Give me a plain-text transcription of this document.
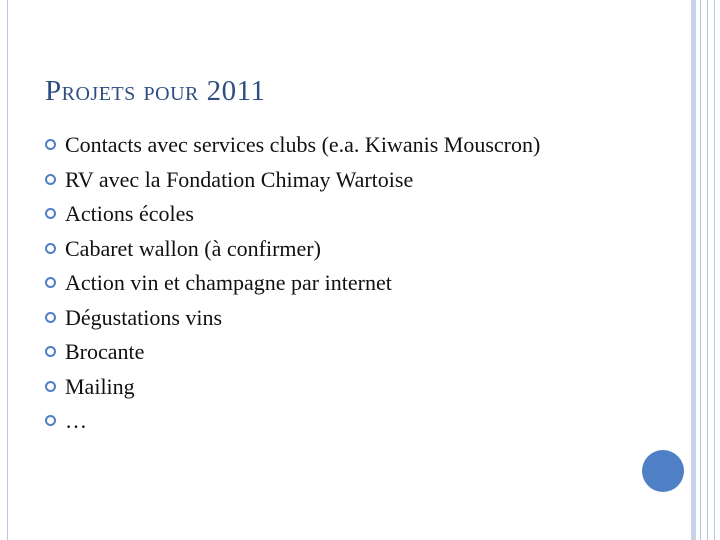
Projets pour 2011
Contacts avec services clubs (e.a. Kiwanis Mouscron)
RV avec la Fondation Chimay Wartoise
Actions écoles
Cabaret wallon (à confirmer)
Action vin et champagne par internet
Dégustations vins
Brocante
Mailing
…
